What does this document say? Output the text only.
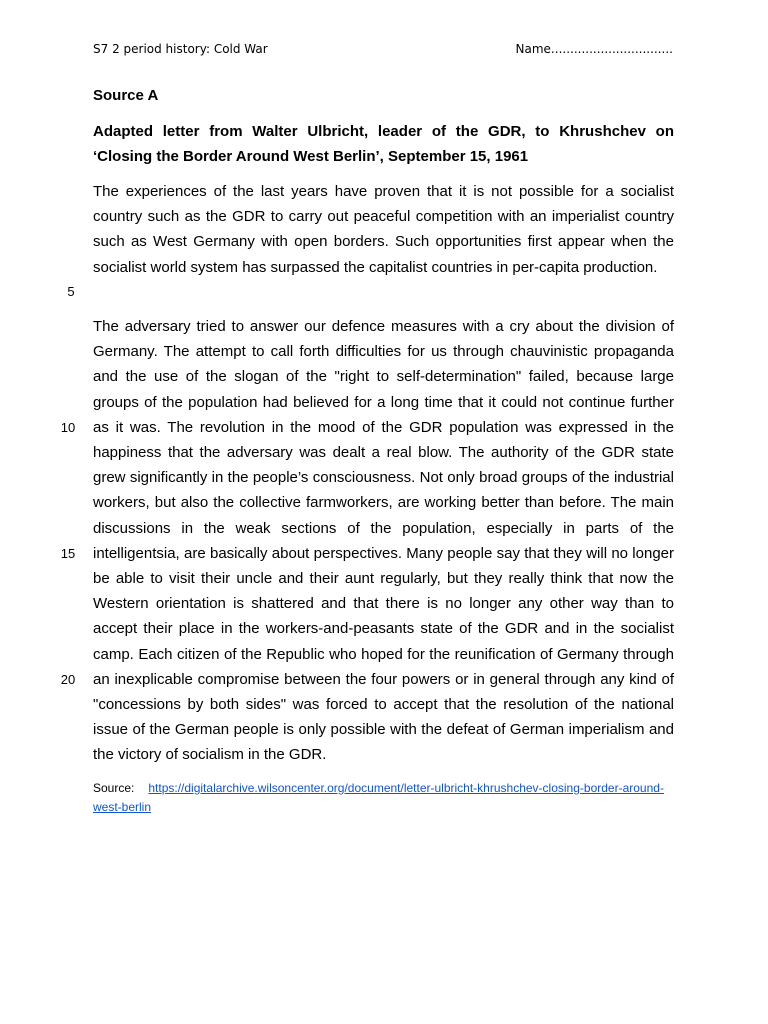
S7 2 period history: Cold War	Name................................
Source A
Adapted letter from Walter Ulbricht, leader of the GDR, to Khrushchev on ‘Closing the Border Around West Berlin’, September 15, 1961
The experiences of the last years have proven that it is not possible for a socialist country such as the GDR to carry out peaceful competition with an imperialist country such as West Germany with open borders. Such opportunities first appear when the socialist world system has surpassed the capitalist countries in per-capita production.
The adversary tried to answer our defence measures with a cry about the division of Germany. The attempt to call forth difficulties for us through chauvinistic propaganda and the use of the slogan of the "right to self-determination" failed, because large groups of the population had believed for a long time that it could not continue further as it was. The revolution in the mood of the GDR population was expressed in the happiness that the adversary was dealt a real blow. The authority of the GDR state grew significantly in the people’s consciousness. Not only broad groups of the industrial workers, but also the collective farmworkers, are working better than before. The main discussions in the weak sections of the population, especially in parts of the intelligentsia, are basically about perspectives. Many people say that they will no longer be able to visit their uncle and their aunt regularly, but they really think that now the Western orientation is shattered and that there is no longer any other way than to accept their place in the workers-and-peasants state of the GDR and in the socialist camp. Each citizen of the Republic who hoped for the reunification of Germany through an inexplicable compromise between the four powers or in general through any kind of "concessions by both sides" was forced to accept that the resolution of the national issue of the German people is only possible with the defeat of German imperialism and the victory of socialism in the GDR.
5
10
15
20
Source: https://digitalarchive.wilsoncenter.org/document/letter-ulbricht-khrushchev-closing-border-around-west-berlin
